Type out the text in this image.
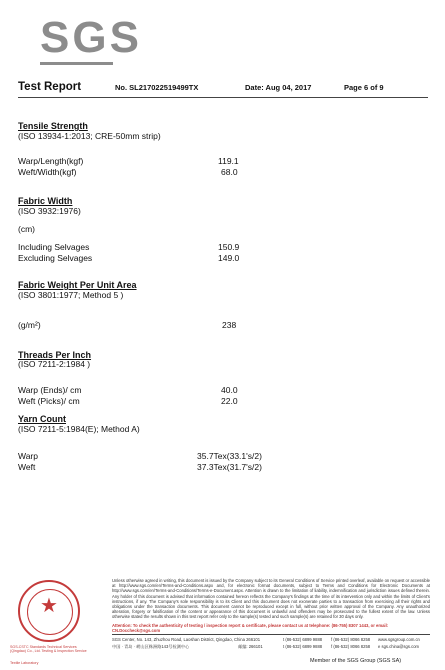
SGS
Test Report	No. SL217022519499TX	Date: Aug 04, 2017	Page 6 of 9
Tensile Strength
(ISO 13934-1:2013; CRE-50mm strip)
Warp/Length(kgf)	119.1
Weft/Width(kgf)	68.0
Fabric Width
(ISO 3932:1976)
(cm)
Including Selvages	150.9
Excluding Selvages	149.0
Fabric Weight Per Unit Area
(ISO 3801:1977; Method 5 )
(g/m²)	238
Threads Per Inch
(ISO 7211-2:1984 )
Warp (Ends)/ cm	40.0
Weft (Picks)/ cm	22.0
Yarn Count
(ISO 7211-5:1984(E); Method A)
Warp	35.7Tex(33.1's/2)
Weft	37.3Tex(31.7's/2)
★
SGS-CSTC Standards Technical Services (Qingdao) Co., Ltd. Testing & Inspection Service
Textile Laboratory
Unless otherwise agreed in writing, this document is issued by the Company subject to its General Conditions of Service printed overleaf, available on request or accessible at http://www.sgs.com/en/Terms-and-Conditions.aspx and, for electronic format documents, subject to Terms and Conditions for Electronic Documents at http://www.sgs.com/en/Terms-and-Conditions/Terms-e-Document.aspx. Attention is drawn to the limitation of liability, indemnification and jurisdiction issues defined therein. Any holder of this document is advised that information contained hereon reflects the Company's findings at the time of its intervention only and within the limits of Client's instructions, if any. The Company's sole responsibility is to its Client and this document does not exonerate parties to a transaction from exercising all their rights and obligations under the transaction documents. This document cannot be reproduced except in full, without prior written approval of the Company. Any unauthorized alteration, forgery or falsification of the content or appearance of this document is unlawful and offenders may be prosecuted to the fullest extent of the law. Unless otherwise stated the results shown in this test report refer only to the sample(s) tested and such sample(s) are retained for 30 days only.
Attention: To check the authenticity of testing / inspection report & certificate, please contact us at telephone: (86-755) 8307 1443, or email: CN.Doccheck@sgs.com
SGS Center, No. 143, Zhuzhou Road, Laoshan District, Qingdao, China 266101	t (86-532) 6899 9888 f (86-532) 8066 8258 www.sgsgroup.com.cn
中国 · 青岛 · 崂山区株洲路143号检测中心	邮编: 266101	t (86-532) 6899 9888 f (86-532) 8066 8258 e sgs.china@sgs.com
Member of the SGS Group (SGS SA)
